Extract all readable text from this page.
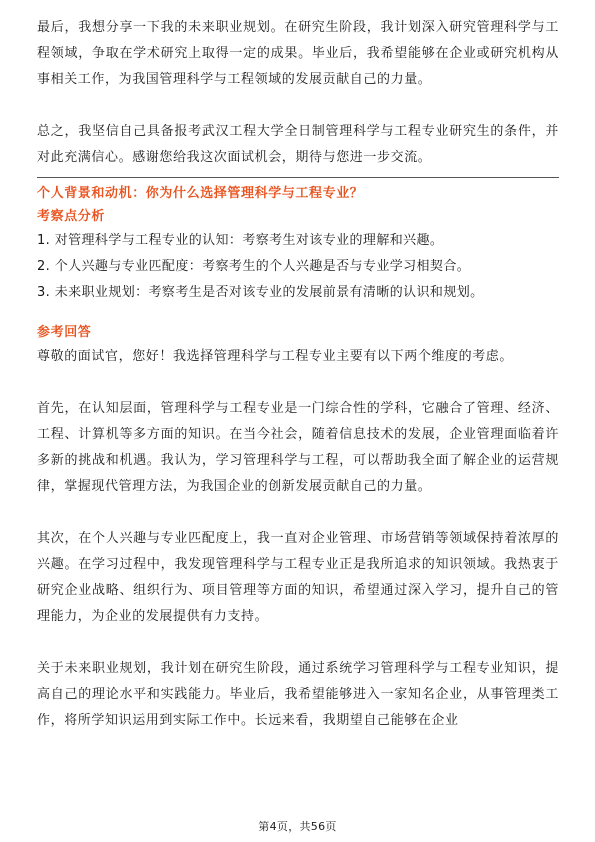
最后，我想分享一下我的未来职业规划。在研究生阶段，我计划深入研究管理科学与工程领域，争取在学术研究上取得一定的成果。毕业后，我希望能够在企业或研究机构从事相关工作，为我国管理科学与工程领域的发展贡献自己的力量。

总之，我坚信自己具备报考武汉工程大学全日制管理科学与工程专业研究生的条件，并对此充满信心。感谢您给我这次面试机会，期待与您进一步交流。

个人背景和动机：你为什么选择管理科学与工程专业？
考察点分析
1. 对管理科学与工程专业的认知：考察考生对该专业的理解和兴趣。
2. 个人兴趣与专业匹配度：考察考生的个人兴趣是否与专业学习相契合。
3. 未来职业规划：考察考生是否对该专业的发展前景有清晰的认识和规划。
参考回答

尊敬的面试官，您好！我选择管理科学与工程专业主要有以下两个维度的考虑。

首先，在认知层面，管理科学与工程专业是一门综合性的学科，它融合了管理、经济、工程、计算机等多方面的知识。在当今社会，随着信息技术的发展，企业管理面临着许多新的挑战和机遇。我认为，学习管理科学与工程，可以帮助我全面了解企业的运营规律，掌握现代管理方法，为我国企业的创新发展贡献自己的力量。

其次，在个人兴趣与专业匹配度上，我一直对企业管理、市场营销等领域保持着浓厚的兴趣。在学习过程中，我发现管理科学与工程专业正是我所追求的知识领域。我热衷于研究企业战略、组织行为、项目管理等方面的知识，希望通过深入学习，提升自己的管理能力，为企业的发展提供有力支持。

关于未来职业规划，我计划在研究生阶段，通过系统学习管理科学与工程专业知识，提高自己的理论水平和实践能力。毕业后，我希望能够进入一家知名企业，从事管理类工作，将所学知识运用到实际工作中。长远来看，我期望自己能够在企业

第4页，共56页
